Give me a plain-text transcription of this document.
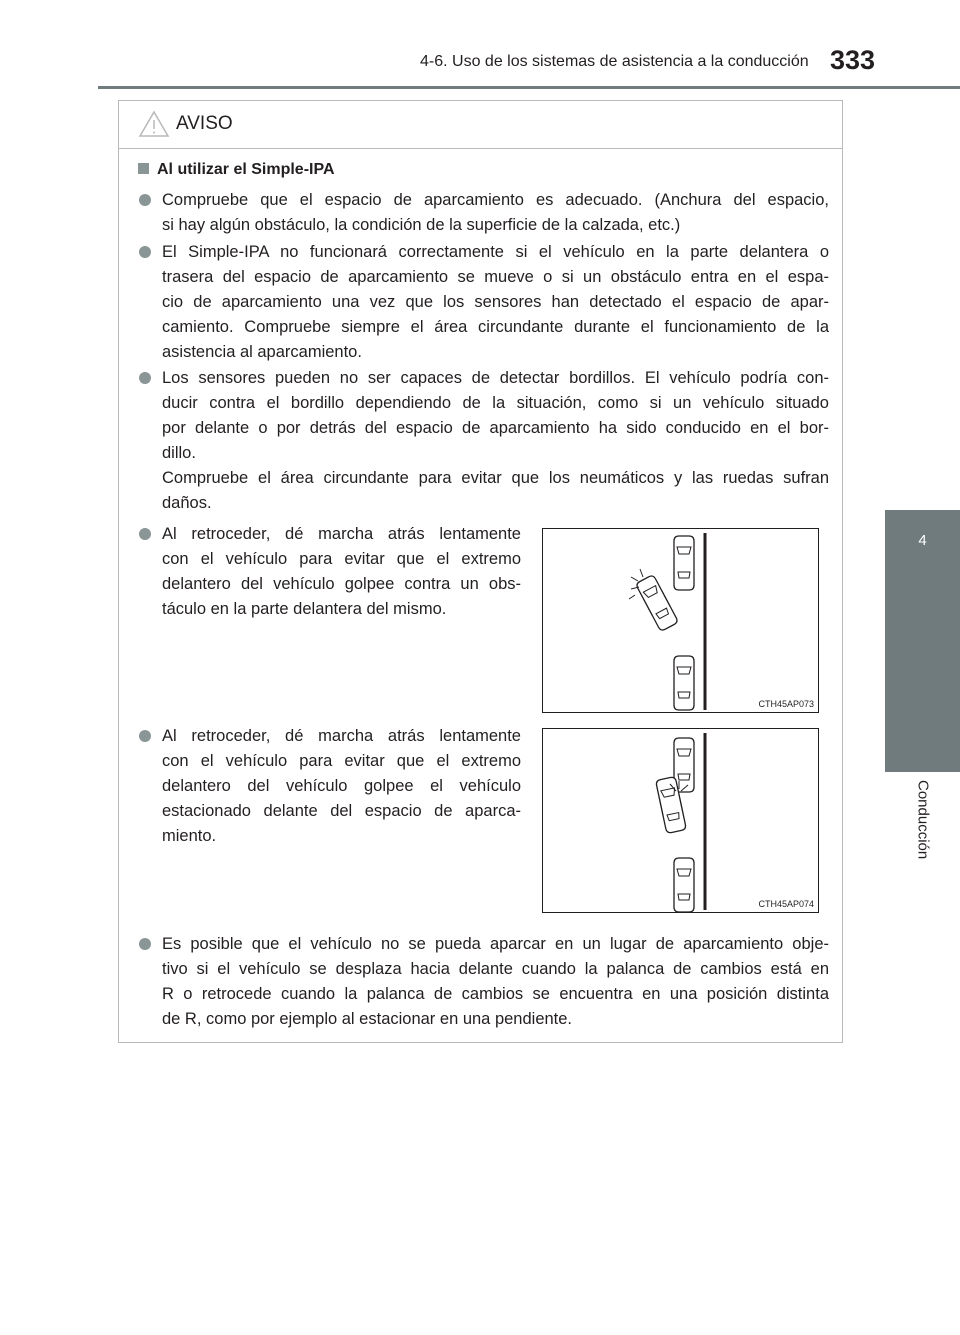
4-6. Uso de los sistemas de asistencia a la conducción 333
4
Conducción
AVISO
Al utilizar el Simple-IPA
Compruebe que el espacio de aparcamiento es adecuado. (Anchura del espacio,
si hay algún obstáculo, la condición de la superficie de la calzada, etc.)
El Simple-IPA no funcionará correctamente si el vehículo en la parte delantera o
trasera del espacio de aparcamiento se mueve o si un obstáculo entra en el espa-
cio de aparcamiento una vez que los sensores han detectado el espacio de apar-
camiento. Compruebe siempre el área circundante durante el funcionamiento de la
asistencia al aparcamiento.
Los sensores pueden no ser capaces de detectar bordillos. El vehículo podría con-
ducir contra el bordillo dependiendo de la situación, como si un vehículo situado
por delante o por detrás del espacio de aparcamiento ha sido conducido en el bor-
dillo.
Compruebe el área circundante para evitar que los neumáticos y las ruedas sufran
daños.
Al retroceder, dé marcha atrás lentamente
con el vehículo para evitar que el extremo
delantero del vehículo golpee contra un obs-
táculo en la parte delantera del mismo.
CTH45AP073
Al retroceder, dé marcha atrás lentamente
con el vehículo para evitar que el extremo
delantero del vehículo golpee el vehículo
estacionado delante del espacio de aparca-
miento.
CTH45AP074
Es posible que el vehículo no se pueda aparcar en un lugar de aparcamiento obje-
tivo si el vehículo se desplaza hacia delante cuando la palanca de cambios está en
R o retrocede cuando la palanca de cambios se encuentra en una posición distinta
de R, como por ejemplo al estacionar en una pendiente.
